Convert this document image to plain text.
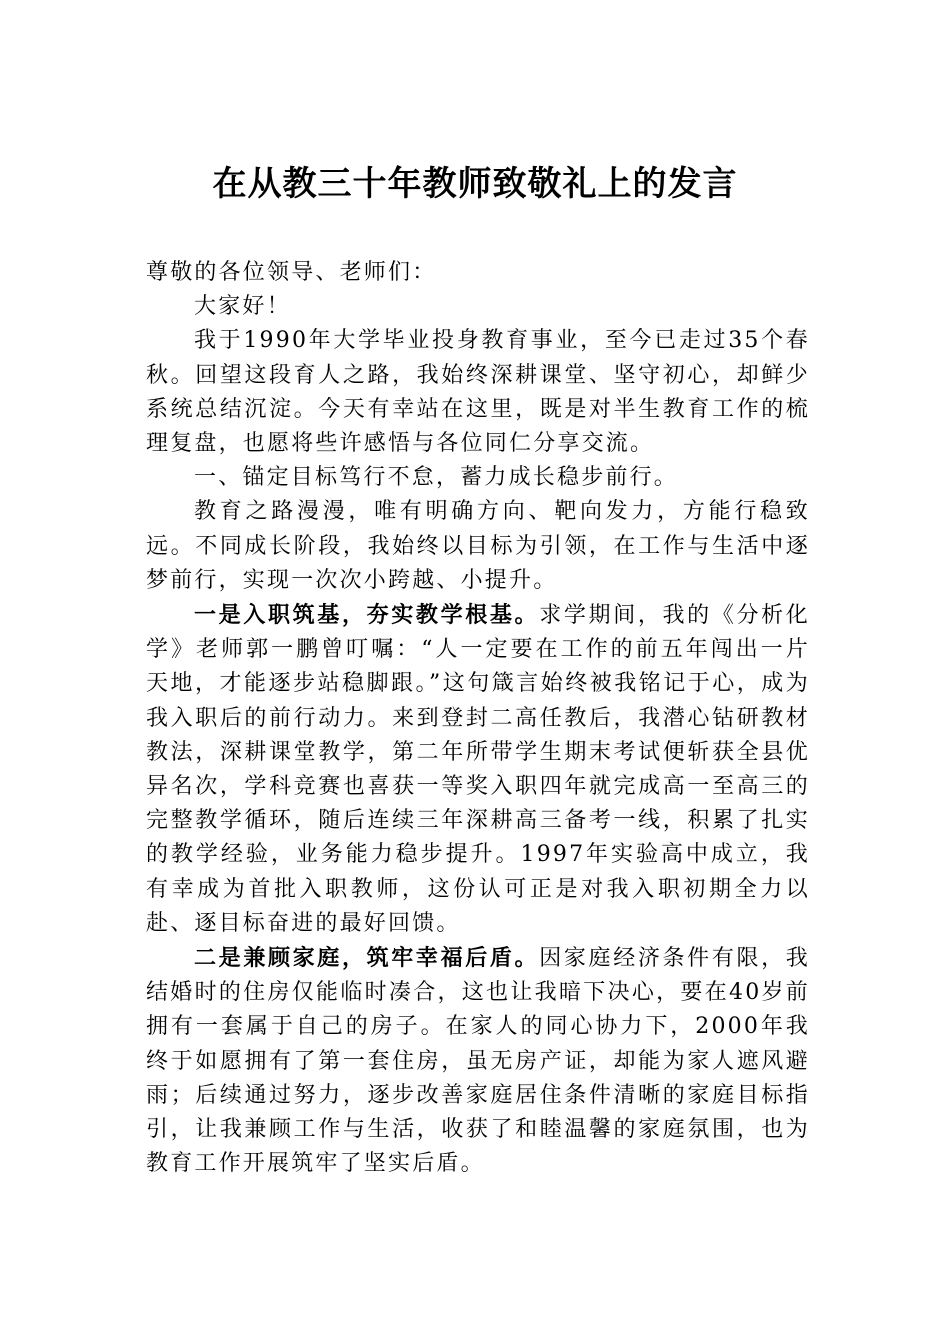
在从教三十年教师致敬礼上的发言

尊敬的各位领导、老师们：

大家好！

我于1990年大学毕业投身教育事业，至今已走过35个春秋。回望这段育人之路，我始终深耕课堂、坚守初心，却鲜少系统总结沉淀。今天有幸站在这里，既是对半生教育工作的梳理复盘，也愿将些许感悟与各位同仁分享交流。

一、锚定目标笃行不怠，蓄力成长稳步前行。

教育之路漫漫，唯有明确方向、靶向发力，方能行稳致远。不同成长阶段，我始终以目标为引领，在工作与生活中逐梦前行，实现一次次小跨越、小提升。

一是入职筑基，夯实教学根基。求学期间，我的《分析化学》老师郭一鹏曾叮嘱：“人一定要在工作的前五年闯出一片天地，才能逐步站稳脚跟。”这句箴言始终被我铭记于心，成为我入职后的前行动力。来到登封二高任教后，我潜心钻研教材教法，深耕课堂教学，第二年所带学生期末考试便斩获全县优异名次，学科竞赛也喜获一等奖入职四年就完成高一至高三的完整教学循环，随后连续三年深耕高三备考一线，积累了扎实的教学经验，业务能力稳步提升。1997年实验高中成立，我有幸成为首批入职教师，这份认可正是对我入职初期全力以赴、逐目标奋进的最好回馈。

二是兼顾家庭，筑牢幸福后盾。因家庭经济条件有限，我结婚时的住房仅能临时凑合，这也让我暗下决心，要在40岁前拥有一套属于自己的房子。在家人的同心协力下，2000年我终于如愿拥有了第一套住房，虽无房产证，却能为家人遮风避雨；后续通过努力，逐步改善家庭居住条件清晰的家庭目标指引，让我兼顾工作与生活，收获了和睦温馨的家庭氛围，也为教育工作开展筑牢了坚实后盾。
